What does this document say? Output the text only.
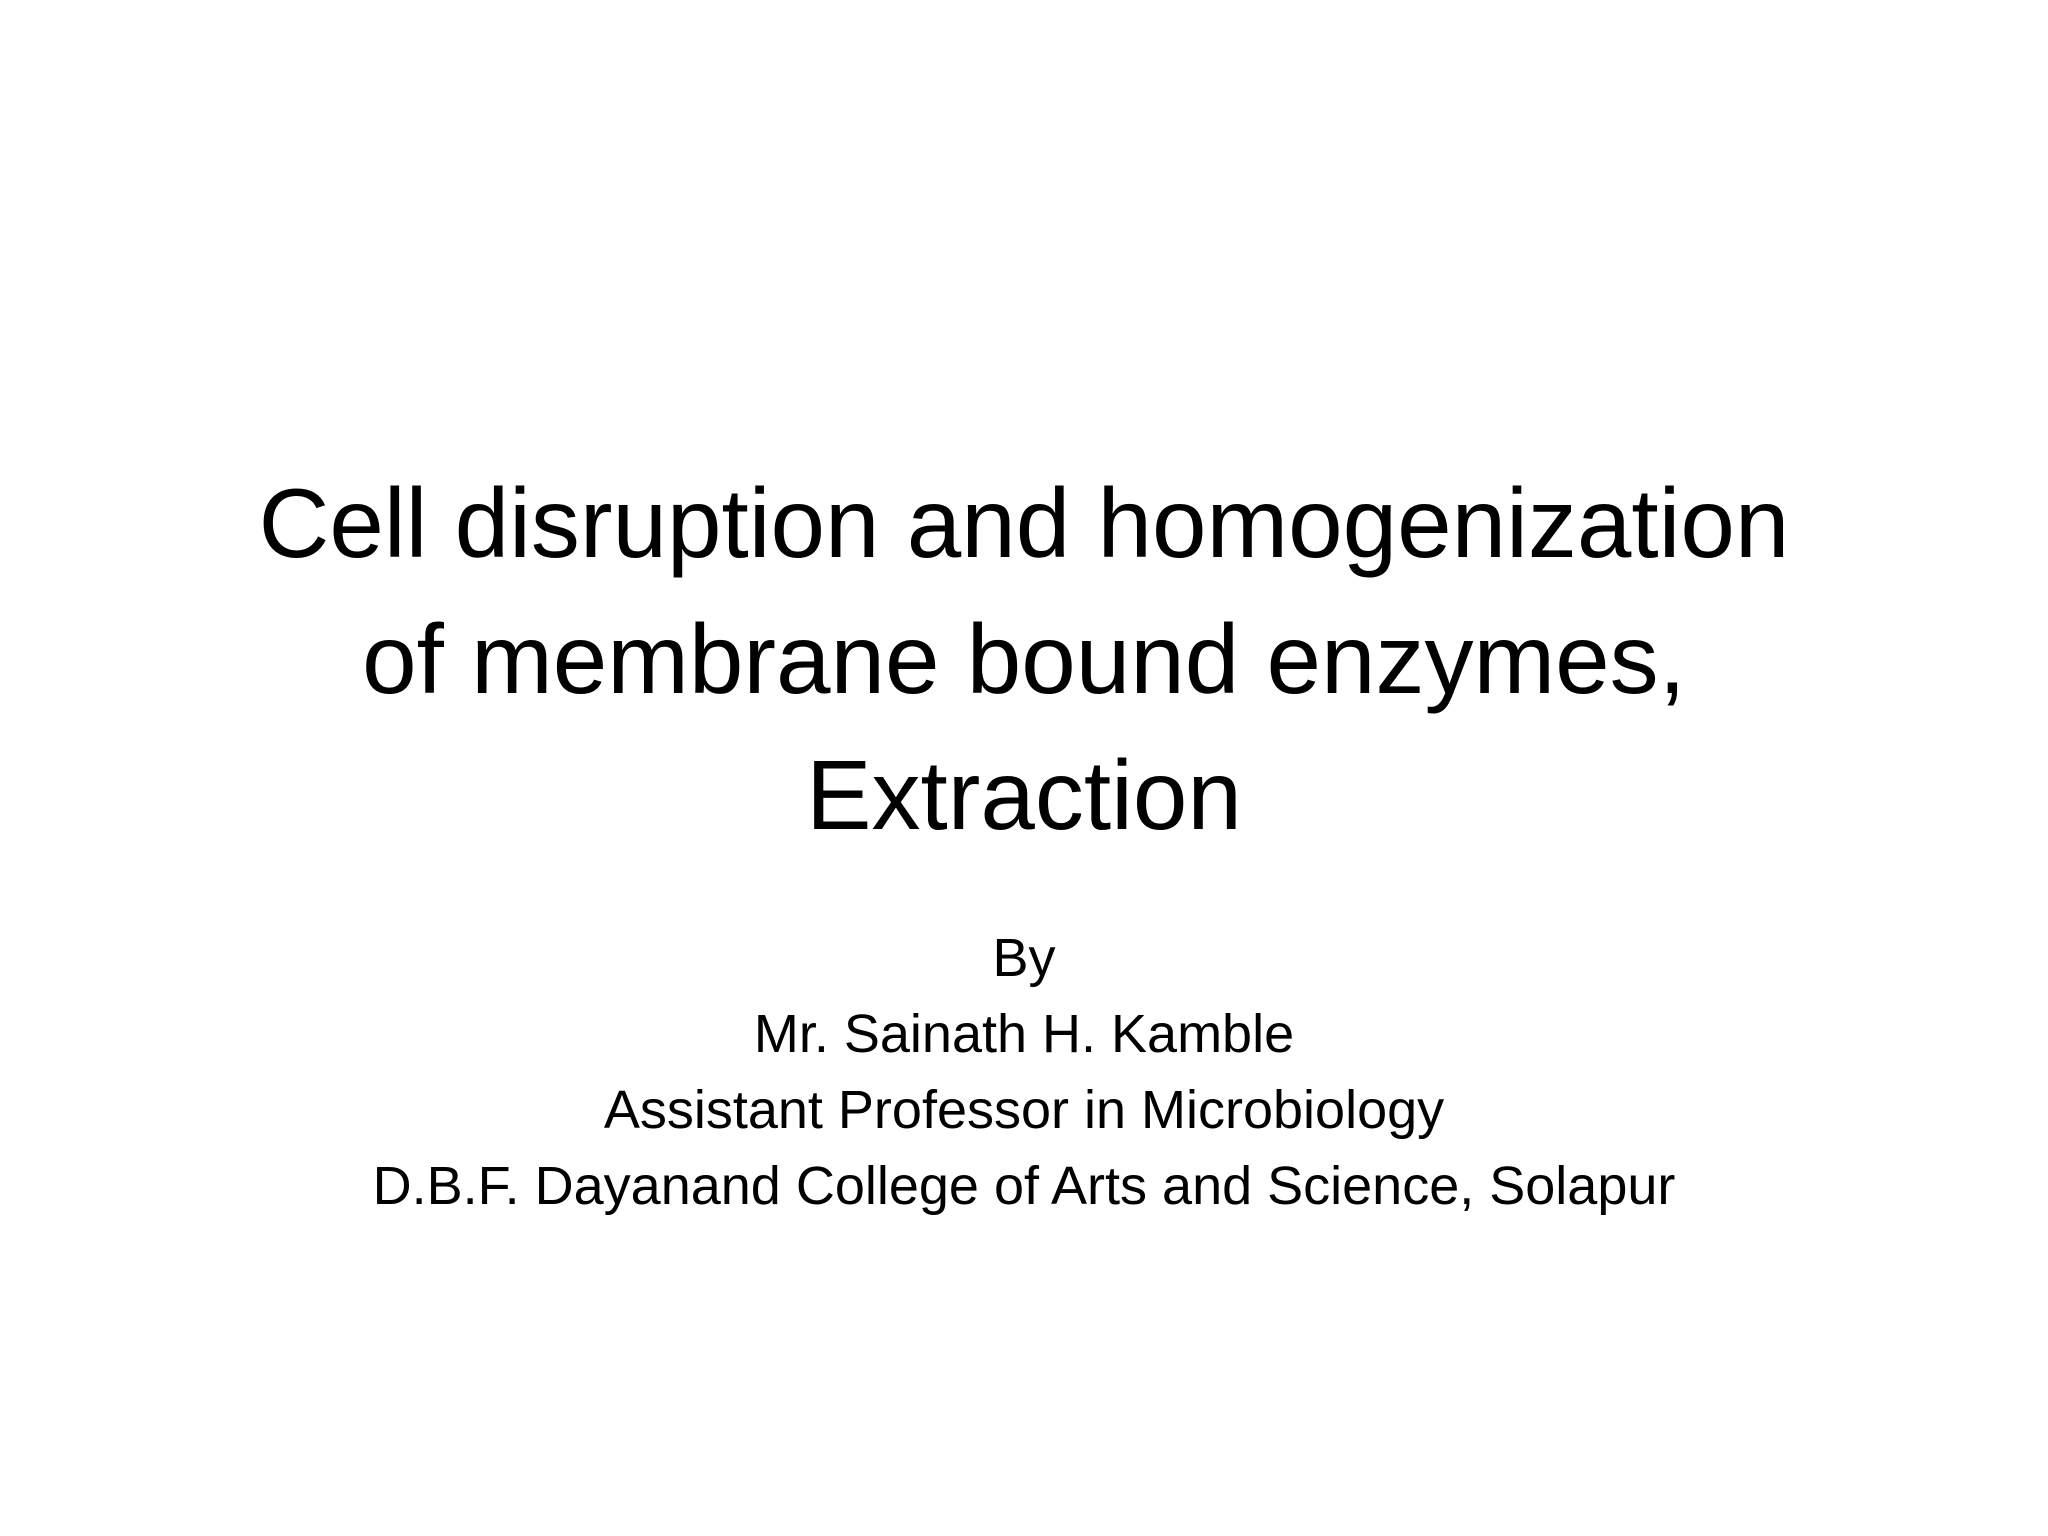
Cell disruption and homogenization
of membrane bound enzymes,
Extraction
By
Mr. Sainath H. Kamble
Assistant Professor in Microbiology
D.B.F. Dayanand College of Arts and Science, Solapur
